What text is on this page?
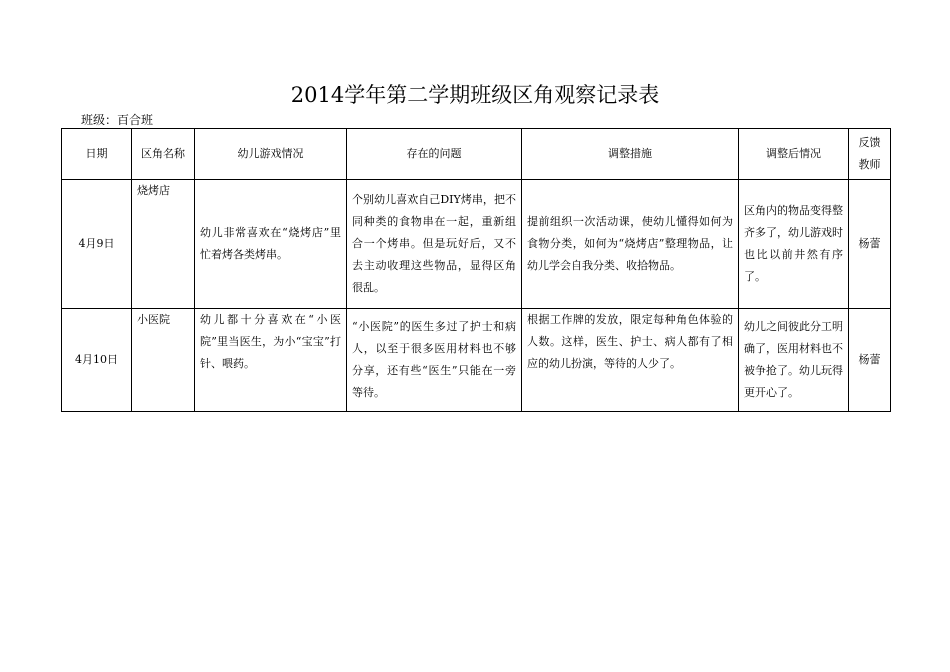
2014学年第二学期班级区角观察记录表
班级：百合班
日期	区角名称	幼儿游戏情况	存在的问题	调整措施	调整后情况	反馈教师
4月9日	烧烤店	幼儿非常喜欢在“烧烤店”里忙着烤各类烤串。	个别幼儿喜欢自己DIY烤串，把不同种类的食物串在一起，重新组合一个烤串。但是玩好后，又不去主动收理这些物品，显得区角很乱。	提前组织一次活动课，使幼儿懂得如何为食物分类，如何为“烧烤店”整理物品，让幼儿学会自我分类、收拾物品。	区角内的物品变得整齐多了，幼儿游戏时也比以前井然有序了。	杨蕾
4月10日	小医院	幼儿都十分喜欢在“小医院”里当医生，为小“宝宝”打针、喂药。	“小医院”的医生多过了护士和病人，以至于很多医用材料也不够分享，还有些“医生”只能在一旁等待。	根据工作牌的发放，限定每种角色体验的人数。这样，医生、护士、病人都有了相应的幼儿扮演，等待的人少了。	幼儿之间彼此分工明确了，医用材料也不被争抢了。幼儿玩得更开心了。	杨蕾
